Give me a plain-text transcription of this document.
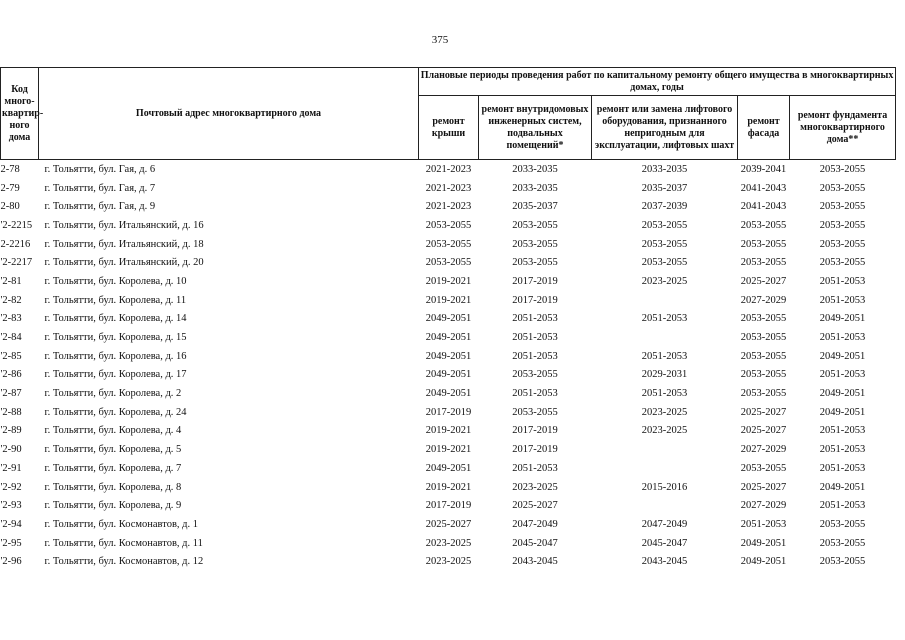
375
Код много-квартир-ного дома	Почтовый адрес многоквартирного дома	Плановые периоды проведения работ по капитальному ремонту общего имущества в многоквартирных домах, годы				
		ремонт крыши	ремонт внутридомовых инженерных систем, подвальных помещений*	ремонт или замена лифтового оборудования, признанного непригодным для эксплуатации, лифтовых шахт	ремонт фасада	ремонт фундамента многоквартирного дома**
2-78	г. Тольятти, бул. Гая, д. 6	2021-2023	2033-2035	2033-2035	2039-2041	2053-2055
2-79	г. Тольятти, бул. Гая, д. 7	2021-2023	2033-2035	2035-2037	2041-2043	2053-2055
2-80	г. Тольятти, бул. Гая, д. 9	2021-2023	2035-2037	2037-2039	2041-2043	2053-2055
'2-2215	г. Тольятти, бул. Итальянский, д. 16	2053-2055	2053-2055	2053-2055	2053-2055	2053-2055
2-2216	г. Тольятти, бул. Итальянский, д. 18	2053-2055	2053-2055	2053-2055	2053-2055	2053-2055
'2-2217	г. Тольятти, бул. Итальянский, д. 20	2053-2055	2053-2055	2053-2055	2053-2055	2053-2055
'2-81	г. Тольятти, бул. Королева, д. 10	2019-2021	2017-2019	2023-2025	2025-2027	2051-2053
'2-82	г. Тольятти, бул. Королева, д. 11	2019-2021	2017-2019		2027-2029	2051-2053
'2-83	г. Тольятти, бул. Королева, д. 14	2049-2051	2051-2053	2051-2053	2053-2055	2049-2051
'2-84	г. Тольятти, бул. Королева, д. 15	2049-2051	2051-2053		2053-2055	2051-2053
'2-85	г. Тольятти, бул. Королева, д. 16	2049-2051	2051-2053	2051-2053	2053-2055	2049-2051
'2-86	г. Тольятти, бул. Королева, д. 17	2049-2051	2053-2055	2029-2031	2053-2055	2051-2053
'2-87	г. Тольятти, бул. Королева, д. 2	2049-2051	2051-2053	2051-2053	2053-2055	2049-2051
'2-88	г. Тольятти, бул. Королева, д. 24	2017-2019	2053-2055	2023-2025	2025-2027	2049-2051
'2-89	г. Тольятти, бул. Королева, д. 4	2019-2021	2017-2019	2023-2025	2025-2027	2051-2053
'2-90	г. Тольятти, бул. Королева, д. 5	2019-2021	2017-2019		2027-2029	2051-2053
'2-91	г. Тольятти, бул. Королева, д. 7	2049-2051	2051-2053		2053-2055	2051-2053
'2-92	г. Тольятти, бул. Королева, д. 8	2019-2021	2023-2025	2015-2016	2025-2027	2049-2051
'2-93	г. Тольятти, бул. Королева, д. 9	2017-2019	2025-2027		2027-2029	2051-2053
'2-94	г. Тольятти, бул. Космонавтов, д. 1	2025-2027	2047-2049	2047-2049	2051-2053	2053-2055
'2-95	г. Тольятти, бул. Космонавтов, д. 11	2023-2025	2045-2047	2045-2047	2049-2051	2053-2055
'2-96	г. Тольятти, бул. Космонавтов, д. 12	2023-2025	2043-2045	2043-2045	2049-2051	2053-2055
